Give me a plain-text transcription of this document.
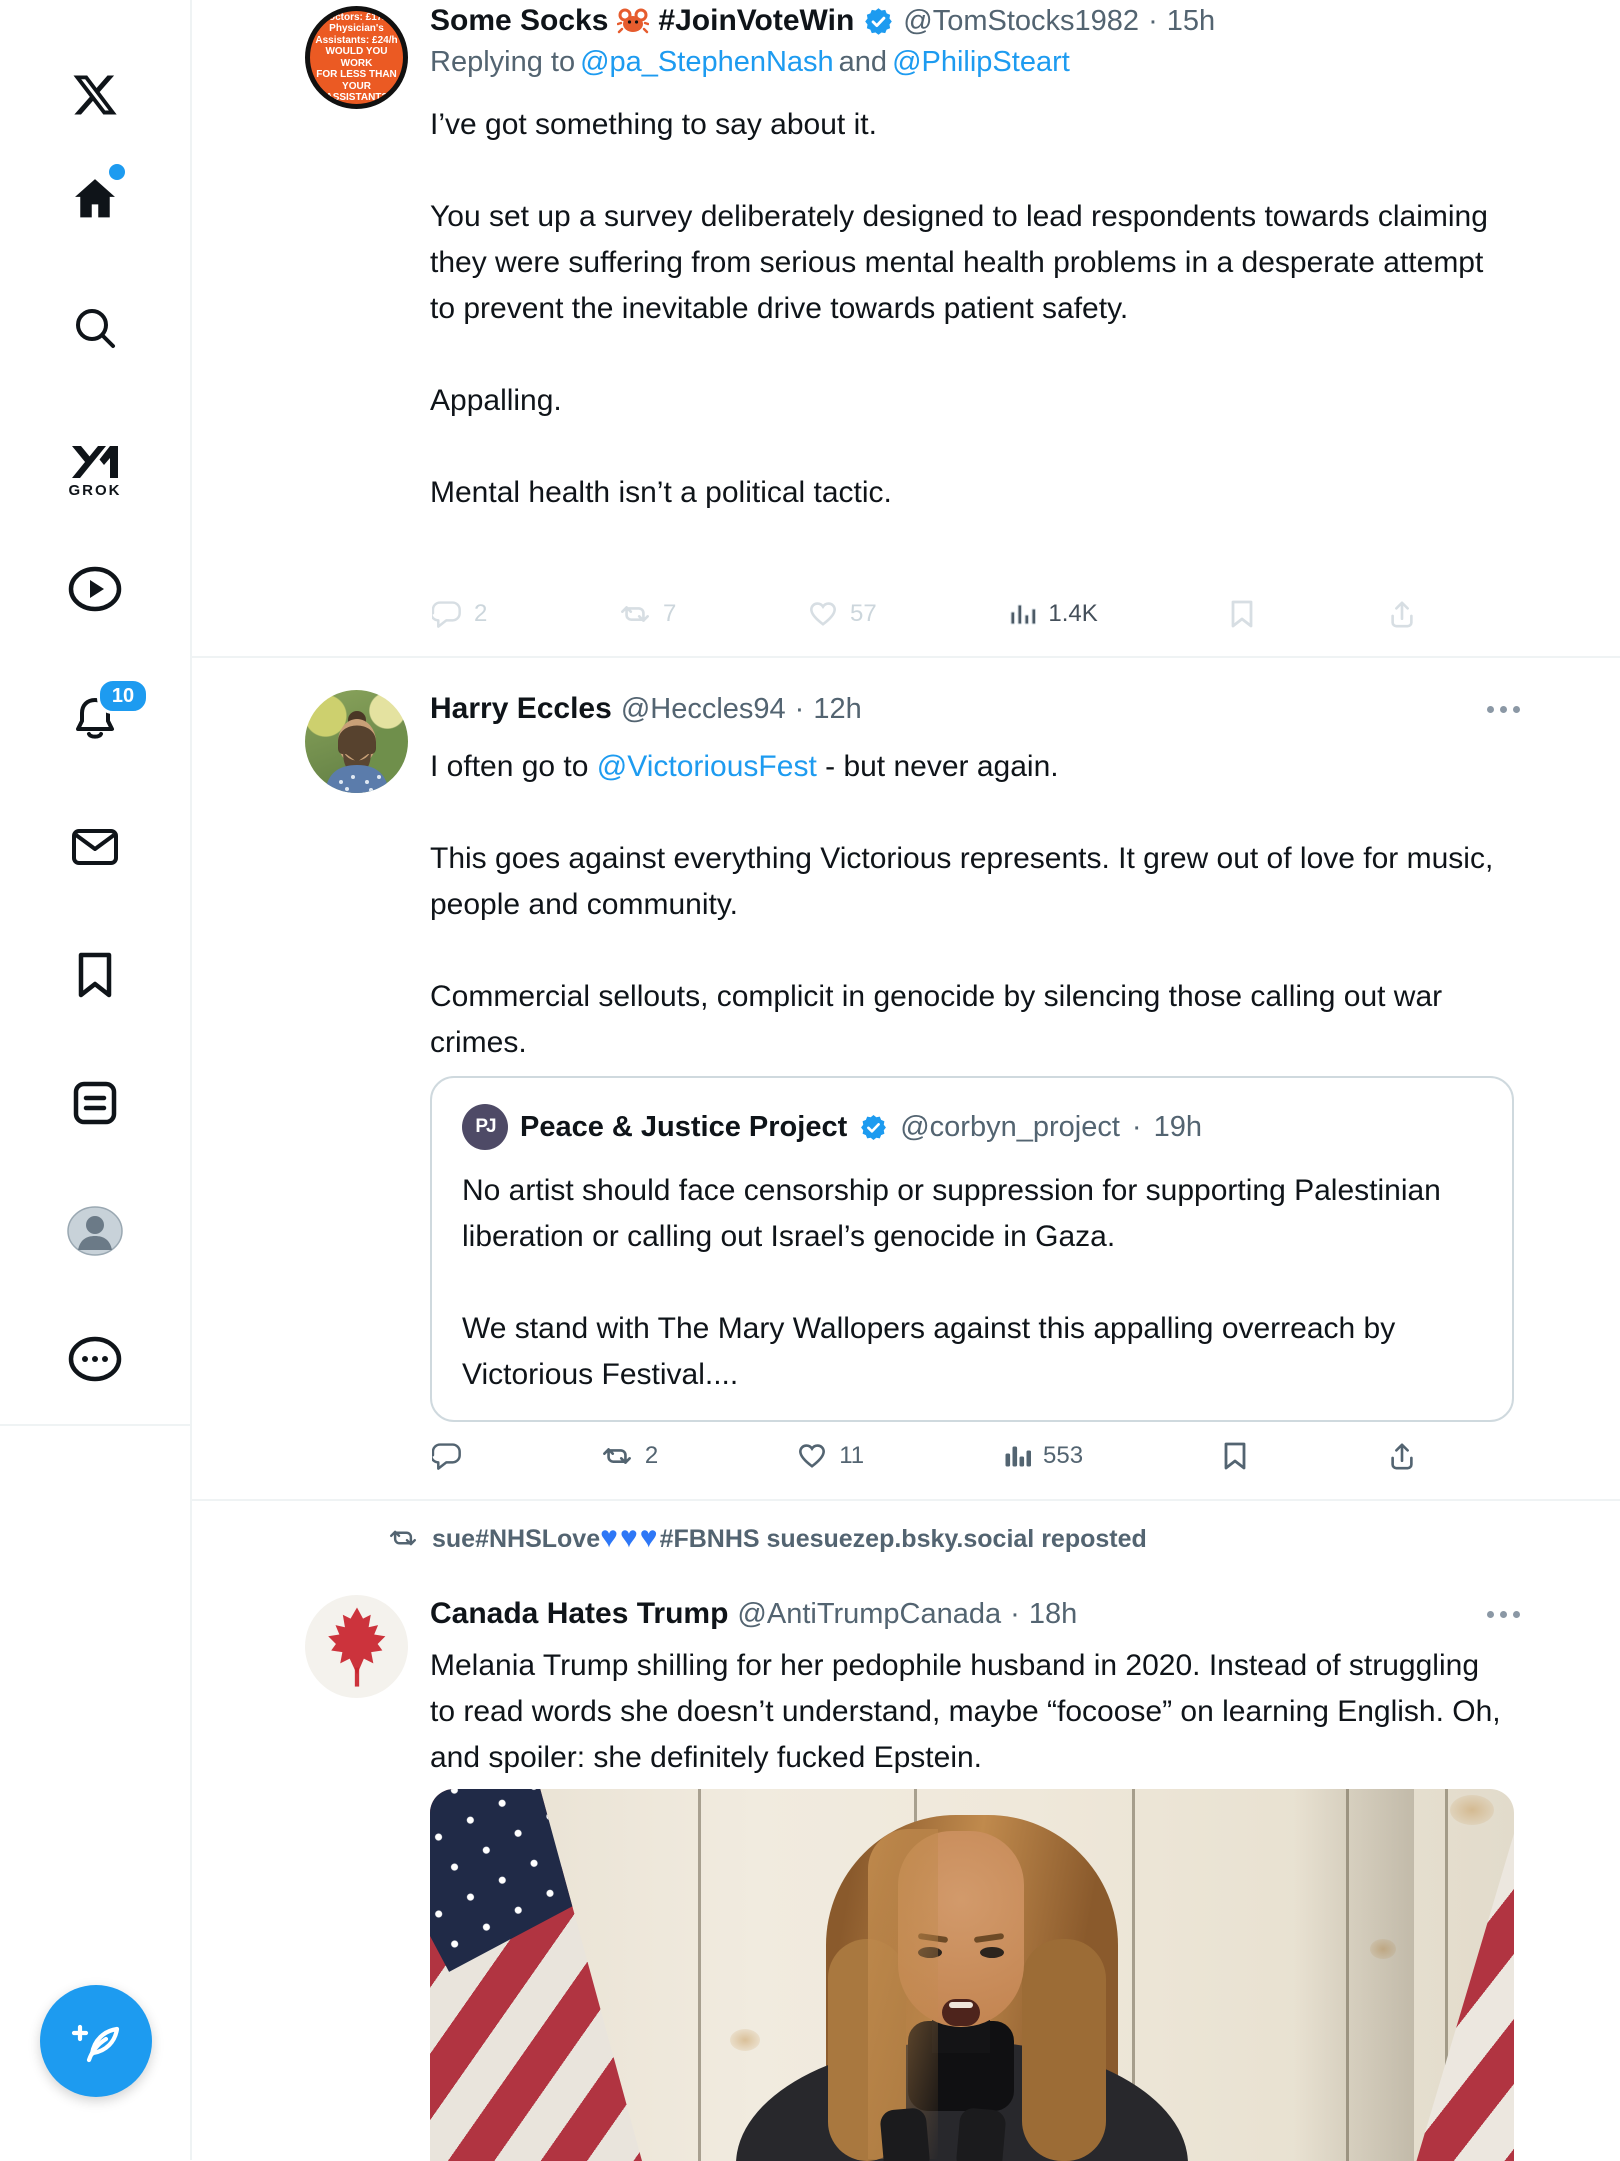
GROK
10
Doctors: £17/h
Physician's
Assistants: £24/h
WOULD YOU WORK
FOR LESS THAN
YOUR ASSISTANT?
Some Socks #JoinVoteWin @TomStocks1982 · 15h
Replying to @pa_StephenNash and @PhilipSteart

I’ve got something to say about it.

You set up a survey deliberately designed to lead respondents towards claiming they were suffering from serious mental health problems in a desperate attempt to prevent the inevitable drive towards patient safety.

Appalling.

Mental health isn’t a political tactic.

2	7	57	1.4K
Harry Eccles @Heccles94 · 12h

I often go to @VictoriousFest - but never again.

This goes against everything Victorious represents. It grew out of love for music, people and community.

Commercial sellouts, complicit in genocide by silencing those calling out war crimes.

PJ Peace & Justice Project @corbyn_project · 19h

No artist should face censorship or suppression for supporting Palestinian liberation or calling out Israel’s genocide in Gaza.

We stand with The Mary Wallopers against this appalling overreach by Victorious Festival....

2	11	553
sue#NHSLove♥♥♥#FBNHS suesuezep.bsky.social reposted
Canada Hates Trump @AntiTrumpCanada · 18h

Melania Trump shilling for her pedophile husband in 2020. Instead of struggling to read words she doesn’t understand, maybe “focoose” on learning English. Oh, and spoiler: she definitely fucked Epstein.
